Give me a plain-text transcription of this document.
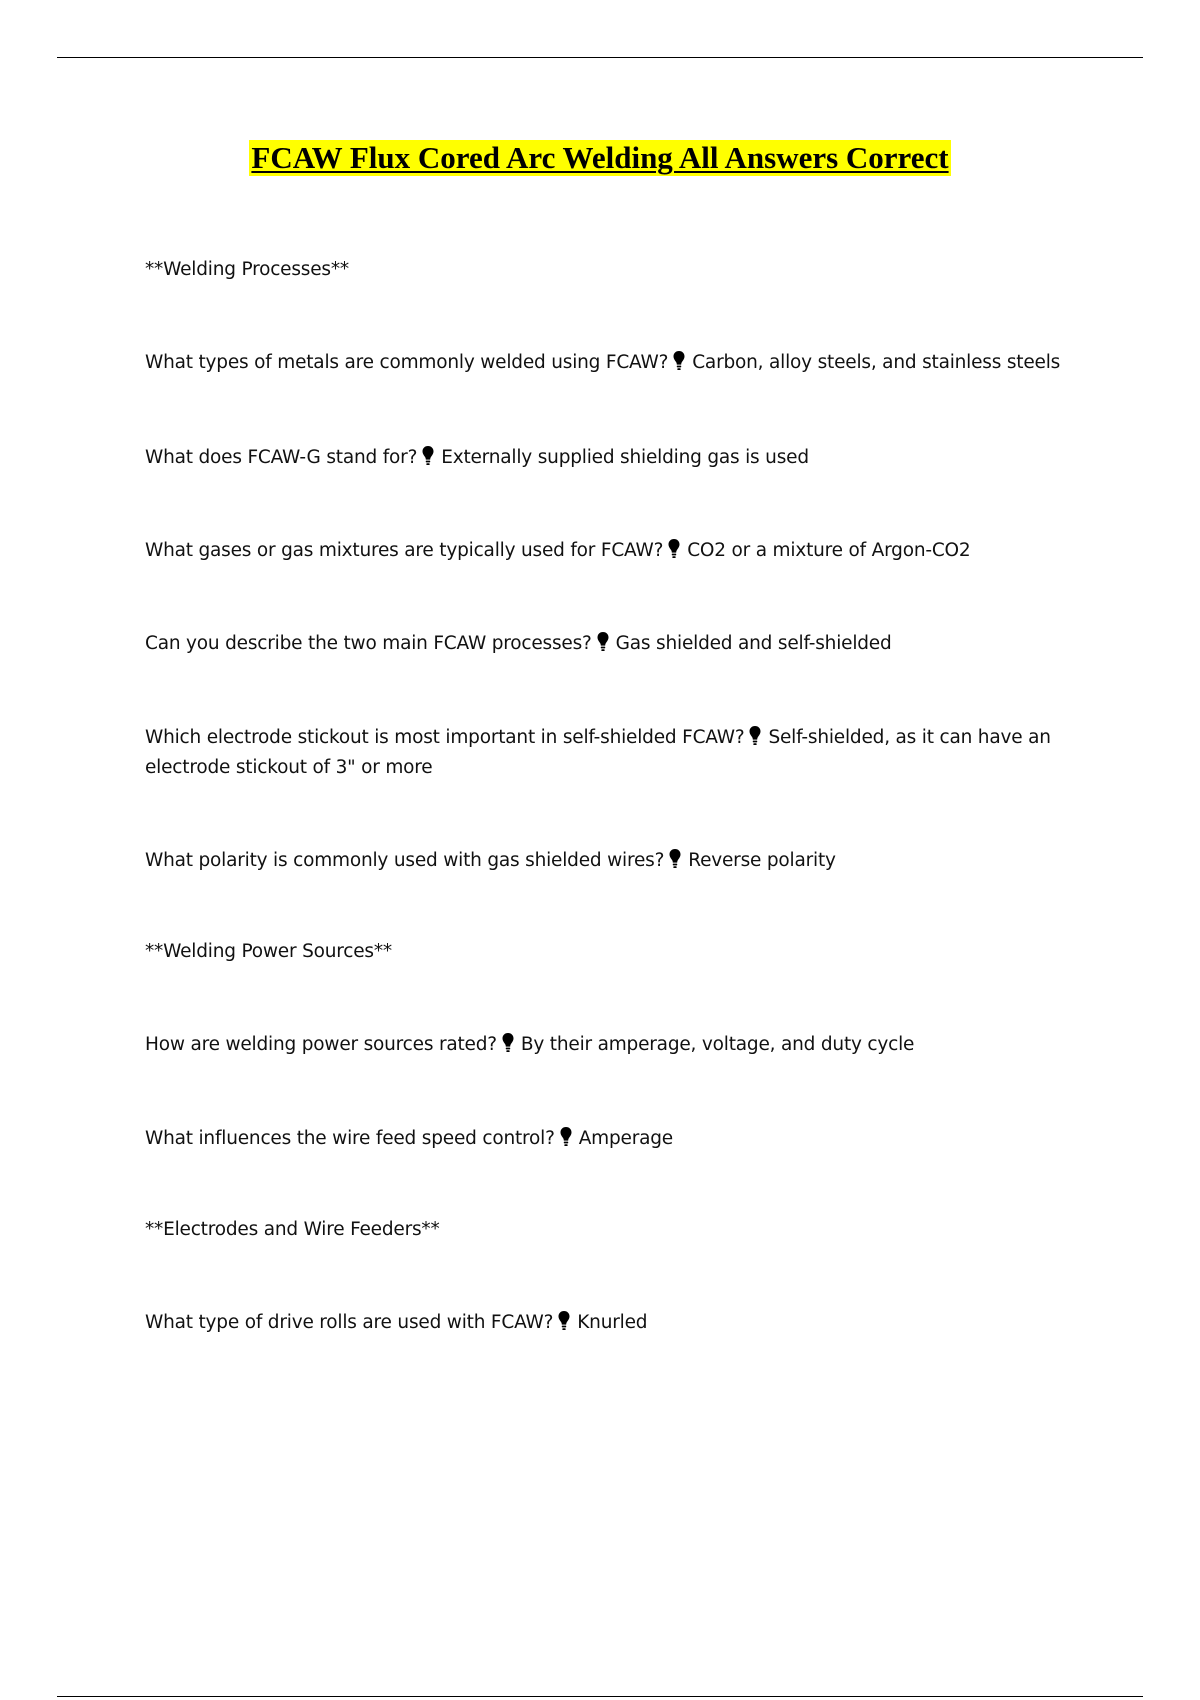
FCAW Flux Cored Arc Welding All Answers Correct
**Welding Processes**
What types of metals are commonly welded using FCAW? Carbon, alloy steels, and stainless steels
What does FCAW-G stand for? Externally supplied shielding gas is used
What gases or gas mixtures are typically used for FCAW? CO2 or a mixture of Argon-CO2
Can you describe the two main FCAW processes? Gas shielded and self-shielded
Which electrode stickout is most important in self-shielded FCAW? Self-shielded, as it can have an electrode stickout of 3" or more
What polarity is commonly used with gas shielded wires? Reverse polarity
**Welding Power Sources**
How are welding power sources rated? By their amperage, voltage, and duty cycle
What influences the wire feed speed control? Amperage
**Electrodes and Wire Feeders**
What type of drive rolls are used with FCAW? Knurled
